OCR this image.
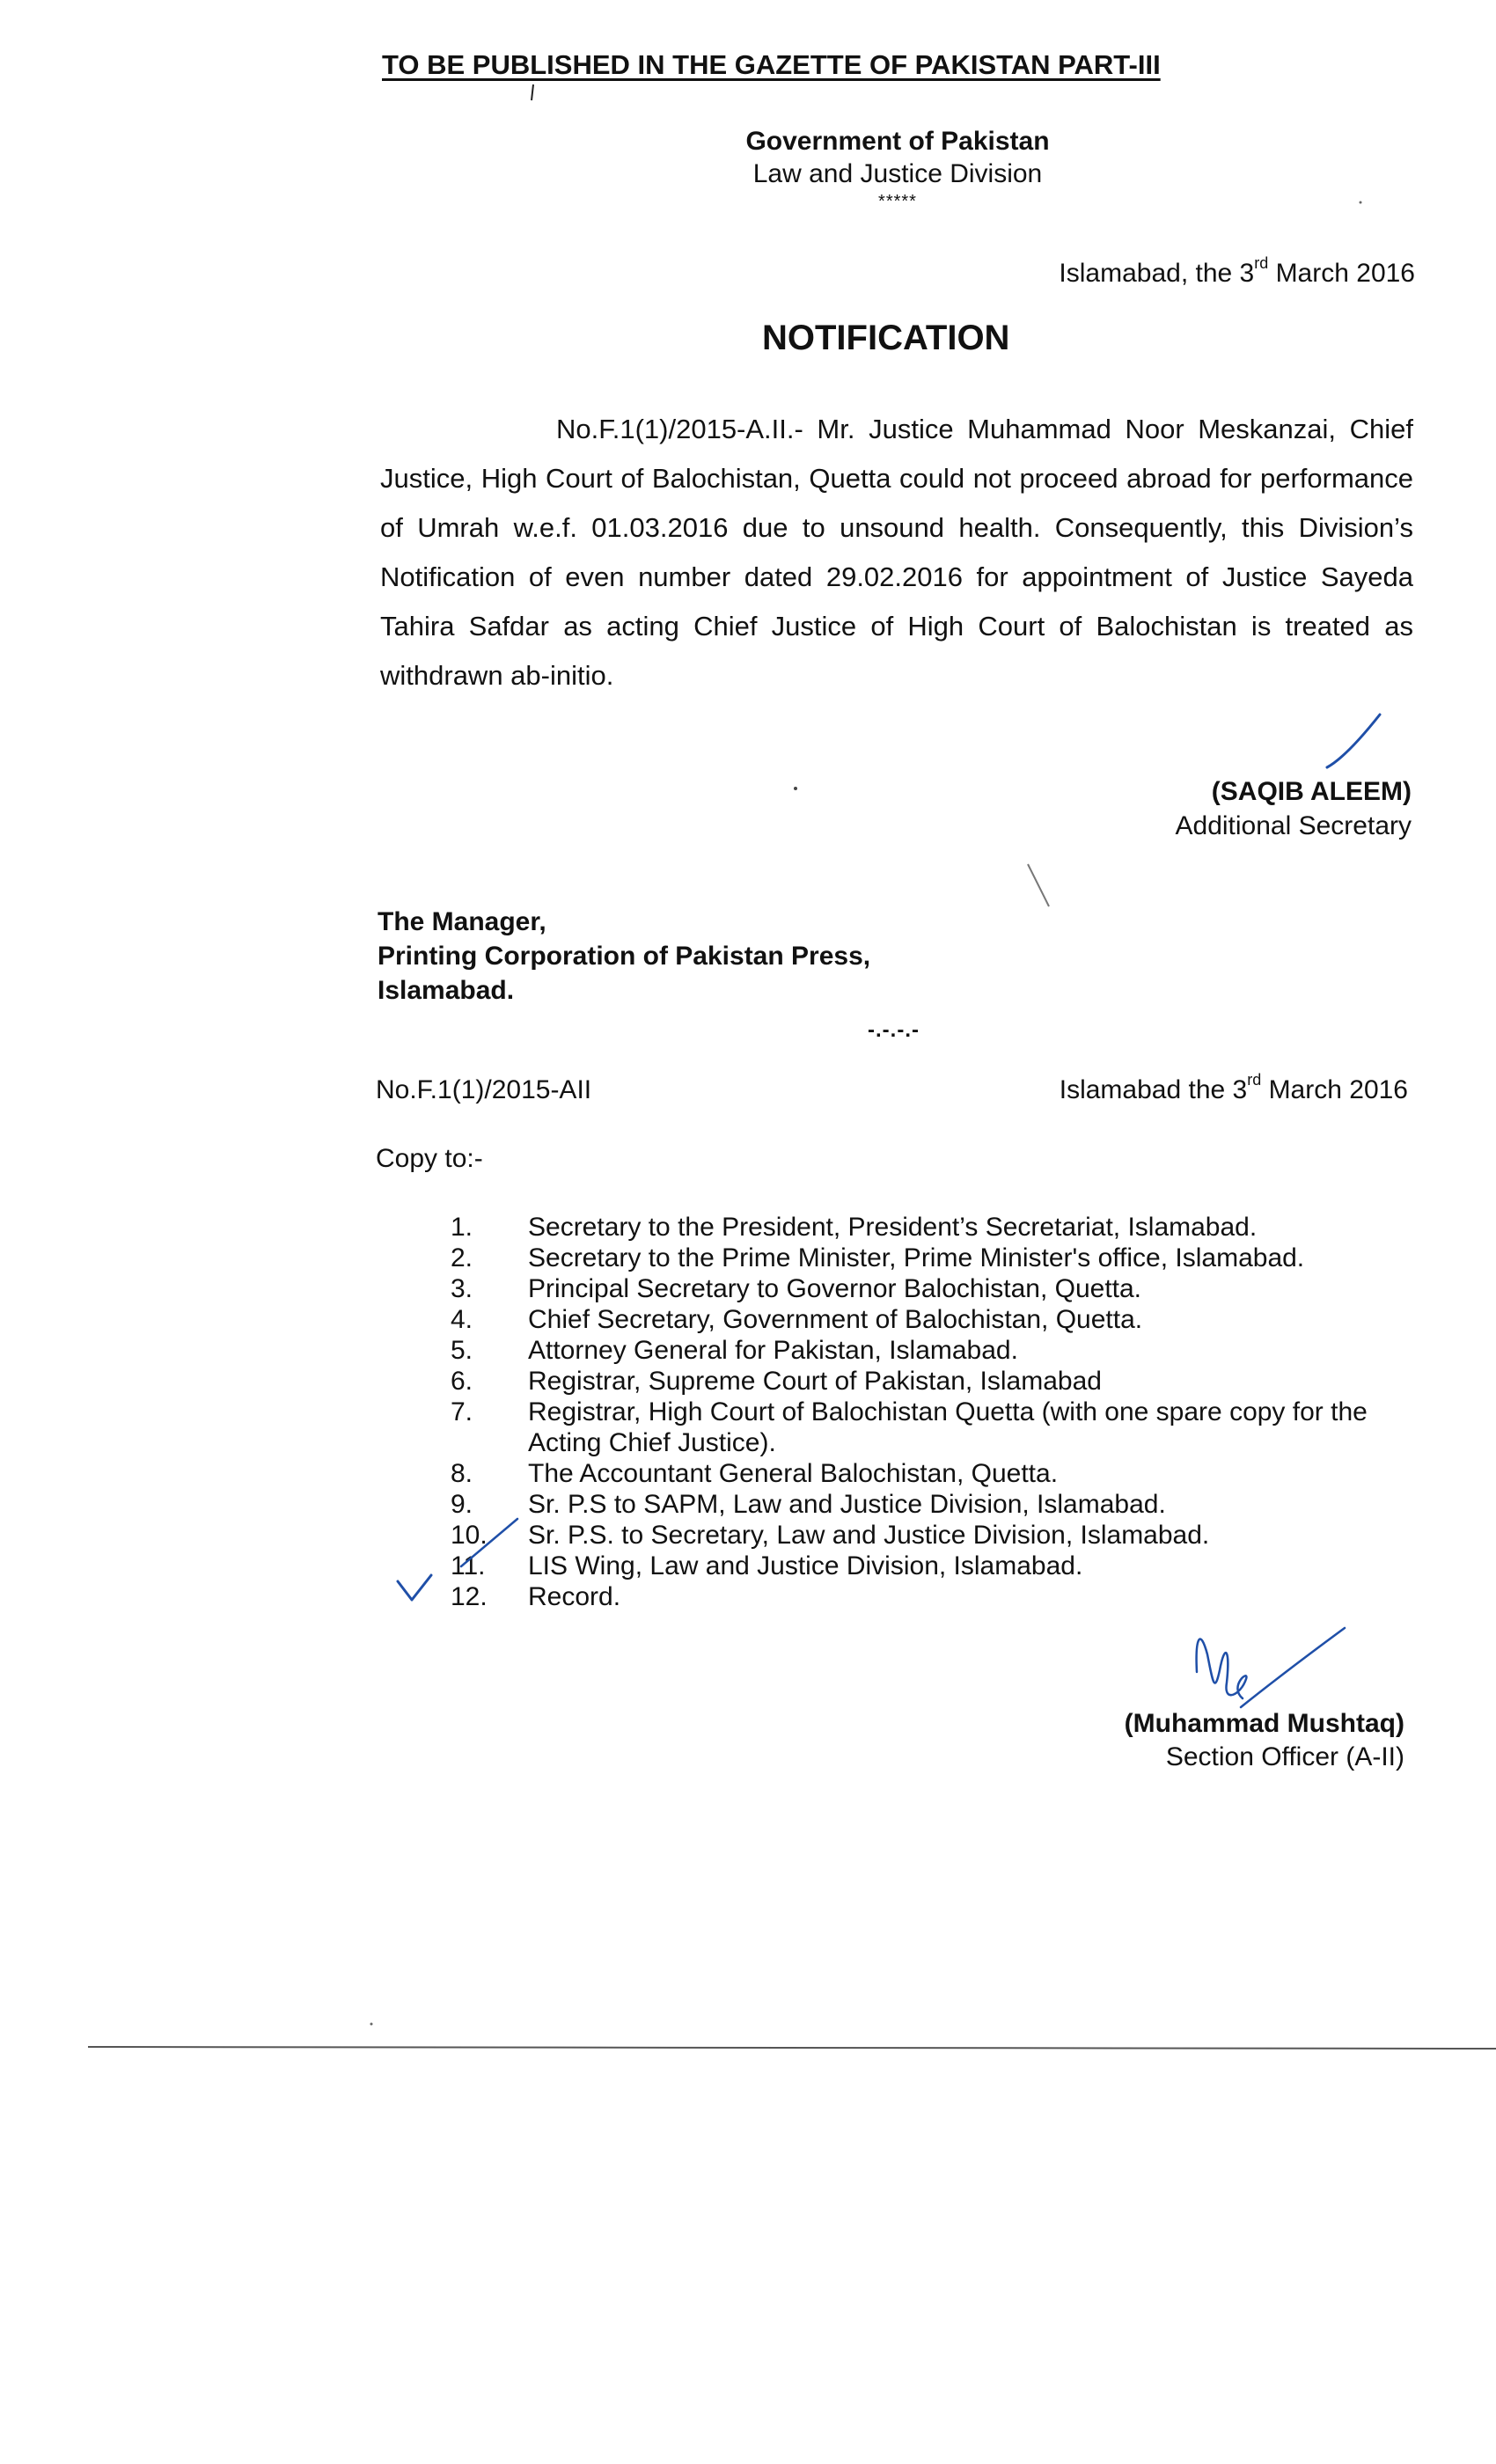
TO BE PUBLISHED IN THE GAZETTE OF PAKISTAN PART-III
Government of Pakistan
Law and Justice Division
*****
Islamabad, the 3rd March 2016
NOTIFICATION
No.F.1(1)/2015-A.II.- Mr. Justice Muhammad Noor Meskanzai, Chief Justice, High Court of Balochistan, Quetta could not proceed abroad for performance of Umrah w.e.f. 01.03.2016 due to unsound health. Consequently, this Division’s Notification of even number dated 29.02.2016 for appointment of Justice Sayeda Tahira Safdar as acting Chief Justice of High Court of Balochistan is treated as withdrawn ab-initio.
(SAQIB ALEEM)
Additional Secretary
The Manager,
Printing Corporation of Pakistan Press,
Islamabad.
-.-.-.-
No.F.1(1)/2015-AII	Islamabad the 3rd March 2016
Copy to:-
1.	Secretary to the President, President’s Secretariat, Islamabad.
2.	Secretary to the Prime Minister, Prime Minister's office, Islamabad.
3.	Principal Secretary to Governor Balochistan, Quetta.
4.	Chief Secretary, Government of Balochistan, Quetta.
5.	Attorney General for Pakistan, Islamabad.
6.	Registrar, Supreme Court of Pakistan, Islamabad
7.	Registrar, High Court of Balochistan Quetta (with one spare copy for the Acting Chief Justice).
8.	The Accountant General Balochistan, Quetta.
9.	Sr. P.S to SAPM, Law and Justice Division, Islamabad.
10.	Sr. P.S. to Secretary, Law and Justice Division, Islamabad.
11.	LIS Wing, Law and Justice Division, Islamabad.
12.	Record.
(Muhammad Mushtaq)
Section Officer (A-II)
